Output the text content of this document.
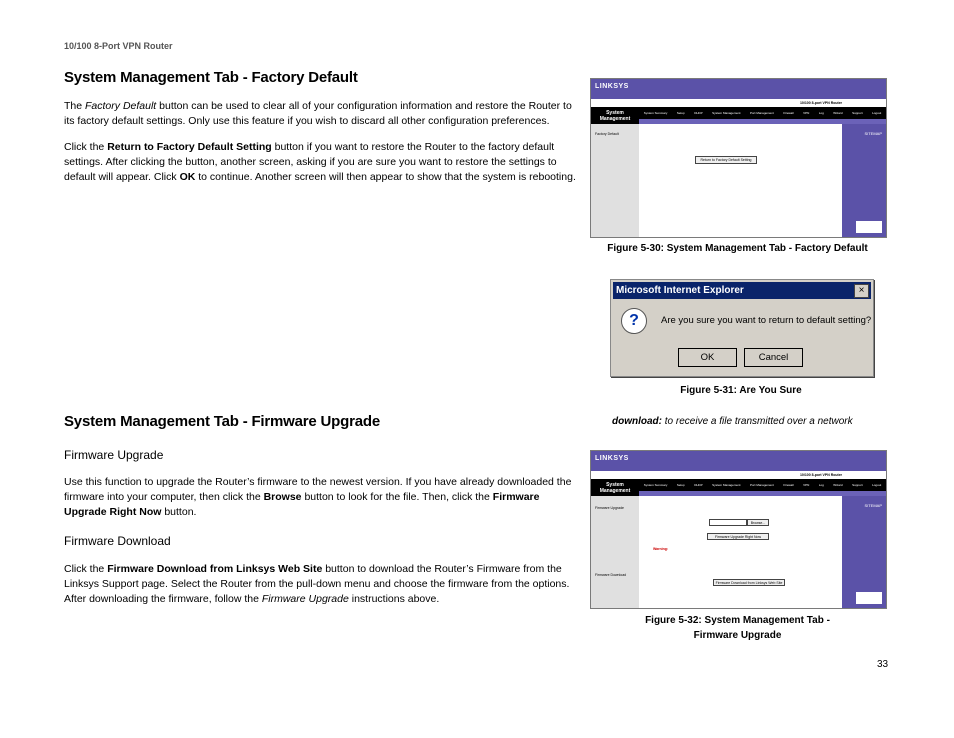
10/100 8-Port VPN Router
System Management Tab - Factory Default
The Factory Default button can be used to clear all of your configuration information and restore the Router to its factory default settings. Only use this feature if you wish to discard all other configuration preferences.
Click the Return to Factory Default Setting button if you want to restore the Router to the factory default settings. After clicking the button, another screen, asking if you are sure you want to restore the settings to default will appear. Click OK to continue. Another screen will then appear to show that the system is rebooting.
LINKSYS
10/100 8-port VPN Router
System Management
System Summary	Setup	DHCP	System Management	Port Management	Firewall	VPN	Log	Wizard	Support	Logout
Factory Default	SITEMAP
Return to Factory Default Setting
Figure 5-30: System Management Tab - Factory Default
Microsoft Internet Explorer	×
?	Are you sure you want to return to default setting?
OK	Cancel
Figure 5-31: Are You Sure
System Management Tab - Firmware Upgrade	download: to receive a file transmitted over a network
Firmware Upgrade
Use this function to upgrade the Router’s firmware to the newest version. If you have already downloaded the firmware into your computer, then click the Browse button to look for the file. Then, click the Firmware Upgrade Right Now button.
Firmware Download
Click the Firmware Download from Linksys Web Site button to download the Router’s Firmware from the Linksys Support page. Select the Router from the pull-down menu and choose the firmware from the options. After downloading the firmware, follow the Firmware Upgrade instructions above.
LINKSYS
10/100 8-port VPN Router
System Management
System Summary	Setup	DHCP	System Management	Port Management	Firewall	VPN	Log	Wizard	Support	Logout
Firmware Upgrade
Firmware Download
SITEMAP
Browse...
Firmware Upgrade Right Now
Warning:
Firmware Download from Linksys Web Site
Figure 5-32: System Management Tab -
Firmware Upgrade
33
